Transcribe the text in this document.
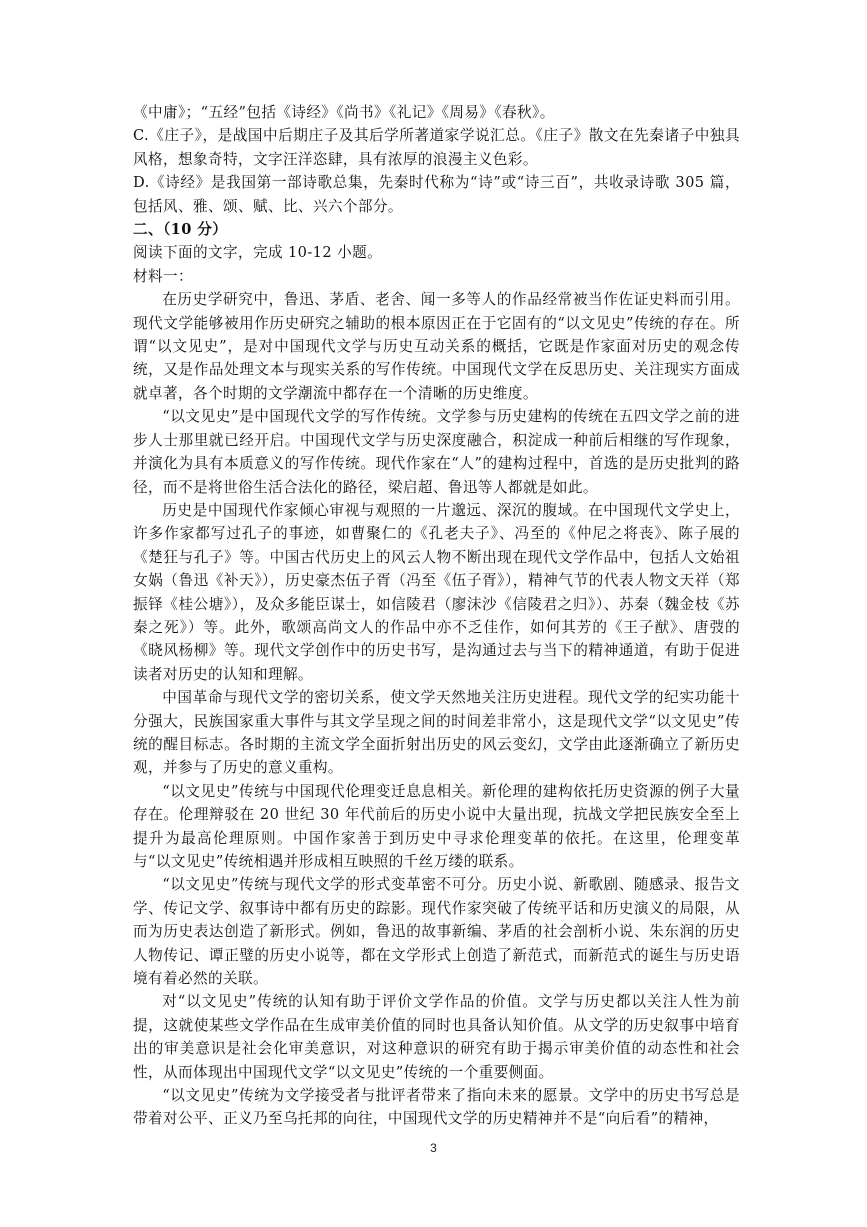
《中庸》；“五经”包括《诗经》《尚书》《礼记》《周易》《春秋》。

C.《庄子》，是战国中后期庄子及其后学所著道家学说汇总。《庄子》散文在先秦诸子中独具风格，想象奇特，文字汪洋恣肆，具有浓厚的浪漫主义色彩。

D.《诗经》是我国第一部诗歌总集，先秦时代称为“诗”或“诗三百”，共收录诗歌 305 篇，包括风、雅、颂、赋、比、兴六个部分。

二、（10 分）

阅读下面的文字，完成 10-12 小题。

材料一：

在历史学研究中，鲁迅、茅盾、老舍、闻一多等人的作品经常被当作佐证史料而引用。现代文学能够被用作历史研究之辅助的根本原因正在于它固有的“以文见史”传统的存在。所谓“以文见史”，是对中国现代文学与历史互动关系的概括，它既是作家面对历史的观念传统，又是作品处理文本与现实关系的写作传统。中国现代文学在反思历史、关注现实方面成就卓著，各个时期的文学潮流中都存在一个清晰的历史维度。

“以文见史”是中国现代文学的写作传统。文学参与历史建构的传统在五四文学之前的进步人士那里就已经开启。中国现代文学与历史深度融合，积淀成一种前后相继的写作现象，并演化为具有本质意义的写作传统。现代作家在“人”的建构过程中，首选的是历史批判的路径，而不是将世俗生活合法化的路径，梁启超、鲁迅等人都就是如此。

历史是中国现代作家倾心审视与观照的一片邈远、深沉的腹域。在中国现代文学史上，许多作家都写过孔子的事迹，如曹聚仁的《孔老夫子》、冯至的《仲尼之将丧》、陈子展的《楚狂与孔子》等。中国古代历史上的风云人物不断出现在现代文学作品中，包括人文始祖女娲（鲁迅《补天》），历史豪杰伍子胥（冯至《伍子胥》），精神气节的代表人物文天祥（郑振铎《桂公塘》），及众多能臣谋士，如信陵君（廖沫沙《信陵君之归》）、苏秦（魏金枝《苏秦之死》）等。此外，歌颂高尚文人的作品中亦不乏佳作，如何其芳的《王子猷》、唐弢的《晓风杨柳》等。现代文学创作中的历史书写，是沟通过去与当下的精神通道，有助于促进读者对历史的认知和理解。

中国革命与现代文学的密切关系，使文学天然地关注历史进程。现代文学的纪实功能十分强大，民族国家重大事件与其文学呈现之间的时间差非常小，这是现代文学“以文见史”传统的醒目标志。各时期的主流文学全面折射出历史的风云变幻，文学由此逐渐确立了新历史观，并参与了历史的意义重构。

“以文见史”传统与中国现代伦理变迁息息相关。新伦理的建构依托历史资源的例子大量存在。伦理辩驳在 20 世纪 30 年代前后的历史小说中大量出现，抗战文学把民族安全至上提升为最高伦理原则。中国作家善于到历史中寻求伦理变革的依托。在这里，伦理变革与“以文见史”传统相遇并形成相互映照的千丝万缕的联系。

“以文见史”传统与现代文学的形式变革密不可分。历史小说、新歌剧、随感录、报告文学、传记文学、叙事诗中都有历史的踪影。现代作家突破了传统平话和历史演义的局限，从而为历史表达创造了新形式。例如，鲁迅的故事新编、茅盾的社会剖析小说、朱东润的历史人物传记、谭正璧的历史小说等，都在文学形式上创造了新范式，而新范式的诞生与历史语境有着必然的关联。

对“以文见史”传统的认知有助于评价文学作品的价值。文学与历史都以关注人性为前提，这就使某些文学作品在生成审美价值的同时也具备认知价值。从文学的历史叙事中培育出的审美意识是社会化审美意识，对这种意识的研究有助于揭示审美价值的动态性和社会性，从而体现出中国现代文学“以文见史”传统的一个重要侧面。

“以文见史”传统为文学接受者与批评者带来了指向未来的愿景。文学中的历史书写总是带着对公平、正义乃至乌托邦的向往，中国现代文学的历史精神并不是“向后看”的精神，

3
